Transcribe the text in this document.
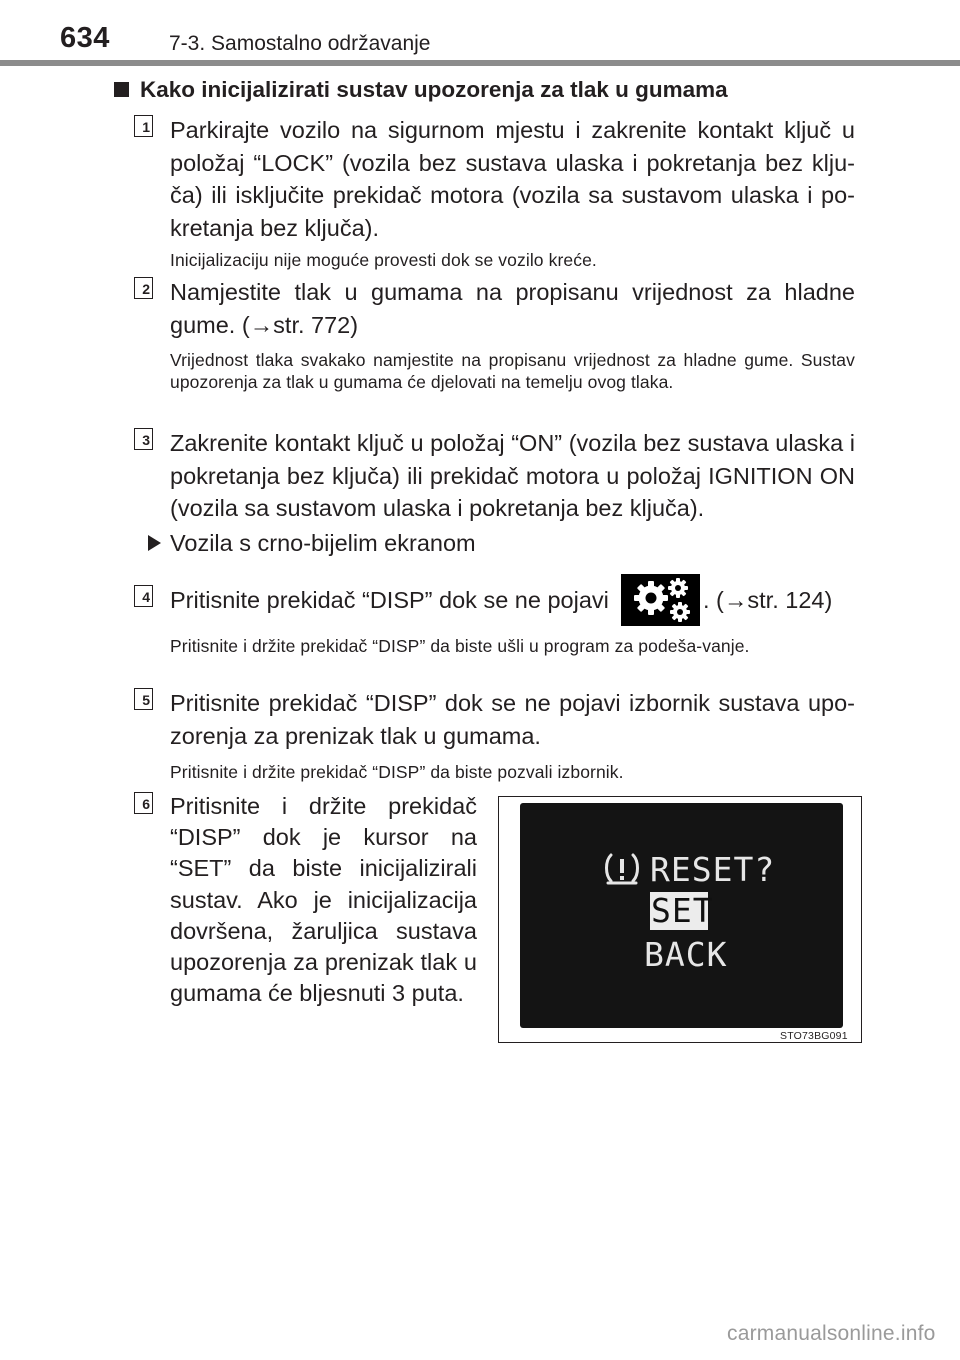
634	7-3. Samostalno održavanje
Kako inicijalizirati sustav upozorenja za tlak u gumama
1 Parkirajte vozilo na sigurnom mjestu i zakrenite kontakt ključ u položaj “LOCK” (vozila bez sustava ulaska i pokretanja bez klju-ča) ili isključite prekidač motora (vozila sa sustavom ulaska i po-kretanja bez ključa).
Inicijalizaciju nije moguće provesti dok se vozilo kreće.
2 Namjestite tlak u gumama na propisanu vrijednost za hladne gume. (→str. 772)
Vrijednost tlaka svakako namjestite na propisanu vrijednost za hladne gume. Sustav upozorenja za tlak u gumama će djelovati na temelju ovog tlaka.
3 Zakrenite kontakt ključ u položaj “ON” (vozila bez sustava ulaska i pokretanja bez ključa) ili prekidač motora u položaj IGNITION ON (vozila sa sustavom ulaska i pokretanja bez ključa).
Vozila s crno-bijelim ekranom
4 Pritisnite prekidač “DISP” dok se ne pojavi	. (→str. 124)
Pritisnite i držite prekidač “DISP” da biste ušli u program za podeša-vanje.
5 Pritisnite prekidač “DISP” dok se ne pojavi izbornik sustava upo-zorenja za prenizak tlak u gumama.
Pritisnite i držite prekidač “DISP” da biste pozvali izbornik.
6 Pritisnite i držite prekidač “DISP” dok je kursor na “SET” da biste inicijalizirali sustav. Ako je inicijalizacija dovršena, žaruljica sustava upozorenja za prenizak tlak u gumama će bljesnuti 3 puta.
RESET?
SET
BACK
STO73BG091
carmanualsonline.info
